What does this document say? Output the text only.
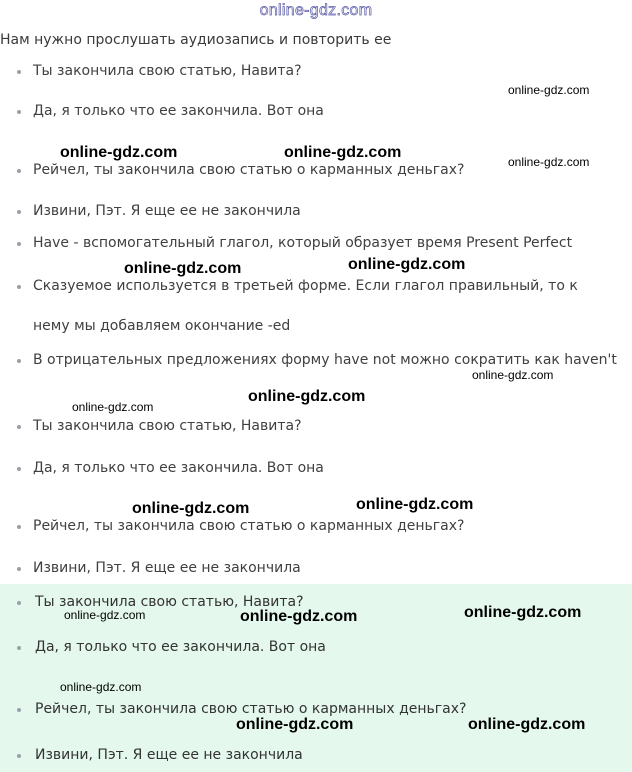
online-gdz.com
Нам нужно прослушать аудиозапись и повторить ее
Ты закончила свою статью, Навита?
Да, я только что ее закончила. Вот она
Рейчел, ты закончила свою статью о карманных деньгах?
Извини, Пэт. Я еще ее не закончила
Have - вспомогательный глагол, который образует время Present Perfect
Сказуемое используется в третьей форме. Если глагол правильный, то к нему мы добавляем окончание -ed
В отрицательных предложениях форму have not можно сократить как haven't
Ты закончила свою статью, Навита?
Да, я только что ее закончила. Вот она
Рейчел, ты закончила свою статью о карманных деньгах?
Извини, Пэт. Я еще ее не закончила
Ты закончила свою статью, Навита?
Да, я только что ее закончила. Вот она
Рейчел, ты закончила свою статью о карманных деньгах?
Извини, Пэт. Я еще ее не закончила
online-gdz.com
online-gdz.com	online-gdz.com
online-gdz.com
online-gdz.com	online-gdz.com
online-gdz.com
online-gdz.com
online-gdz.com
online-gdz.com	online-gdz.com
online-gdz.com
online-gdz.com	online-gdz.com
online-gdz.com
online-gdz.com	online-gdz.com
